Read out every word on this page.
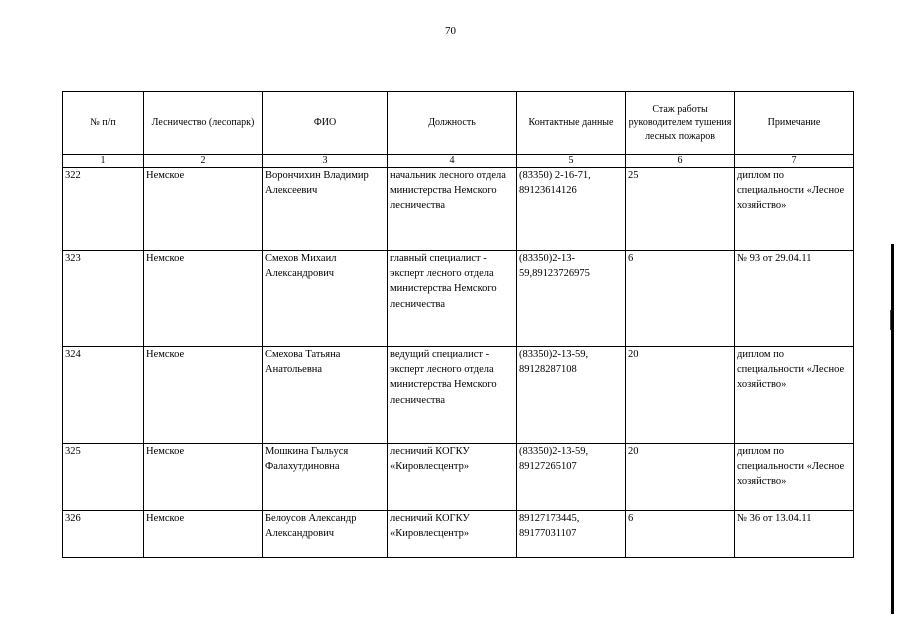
70
№ п/п	Лесничество (лесопарк)	ФИО	Должность	Контактные данные	Стаж работы руководителем тушения лесных пожаров	Примечание
1	2	3	4	5	6	7
322	Немское	Ворончихин Владимир Алексеевич	начальник лесного отдела министерства Немского лесничества	(83350) 2-16-71, 89123614126	25	диплом по специальности «Лесное хозяйство»
323	Немское	Смехов Михаил Александрович	главный специалист - эксперт лесного отдела министерства Немского лесничества	(83350)2-13-59,89123726975	6	№ 93 от 29.04.11
324	Немское	Смехова Татьяна Анатольевна	ведущий специалист - эксперт лесного отдела министерства Немского лесничества	(83350)2-13-59, 89128287108	20	диплом по специальности «Лесное хозяйство»
325	Немское	Мошкина Гыльуся Фалахутдиновна	лесничий КОГКУ «Кировлесцентр»	(83350)2-13-59, 89127265107	20	диплом по специальности «Лесное хозяйство»
326	Немское	Белоусов Александр Александрович	лесничий КОГКУ «Кировлесцентр»	89127173445, 89177031107	6	№ 36 от 13.04.11
